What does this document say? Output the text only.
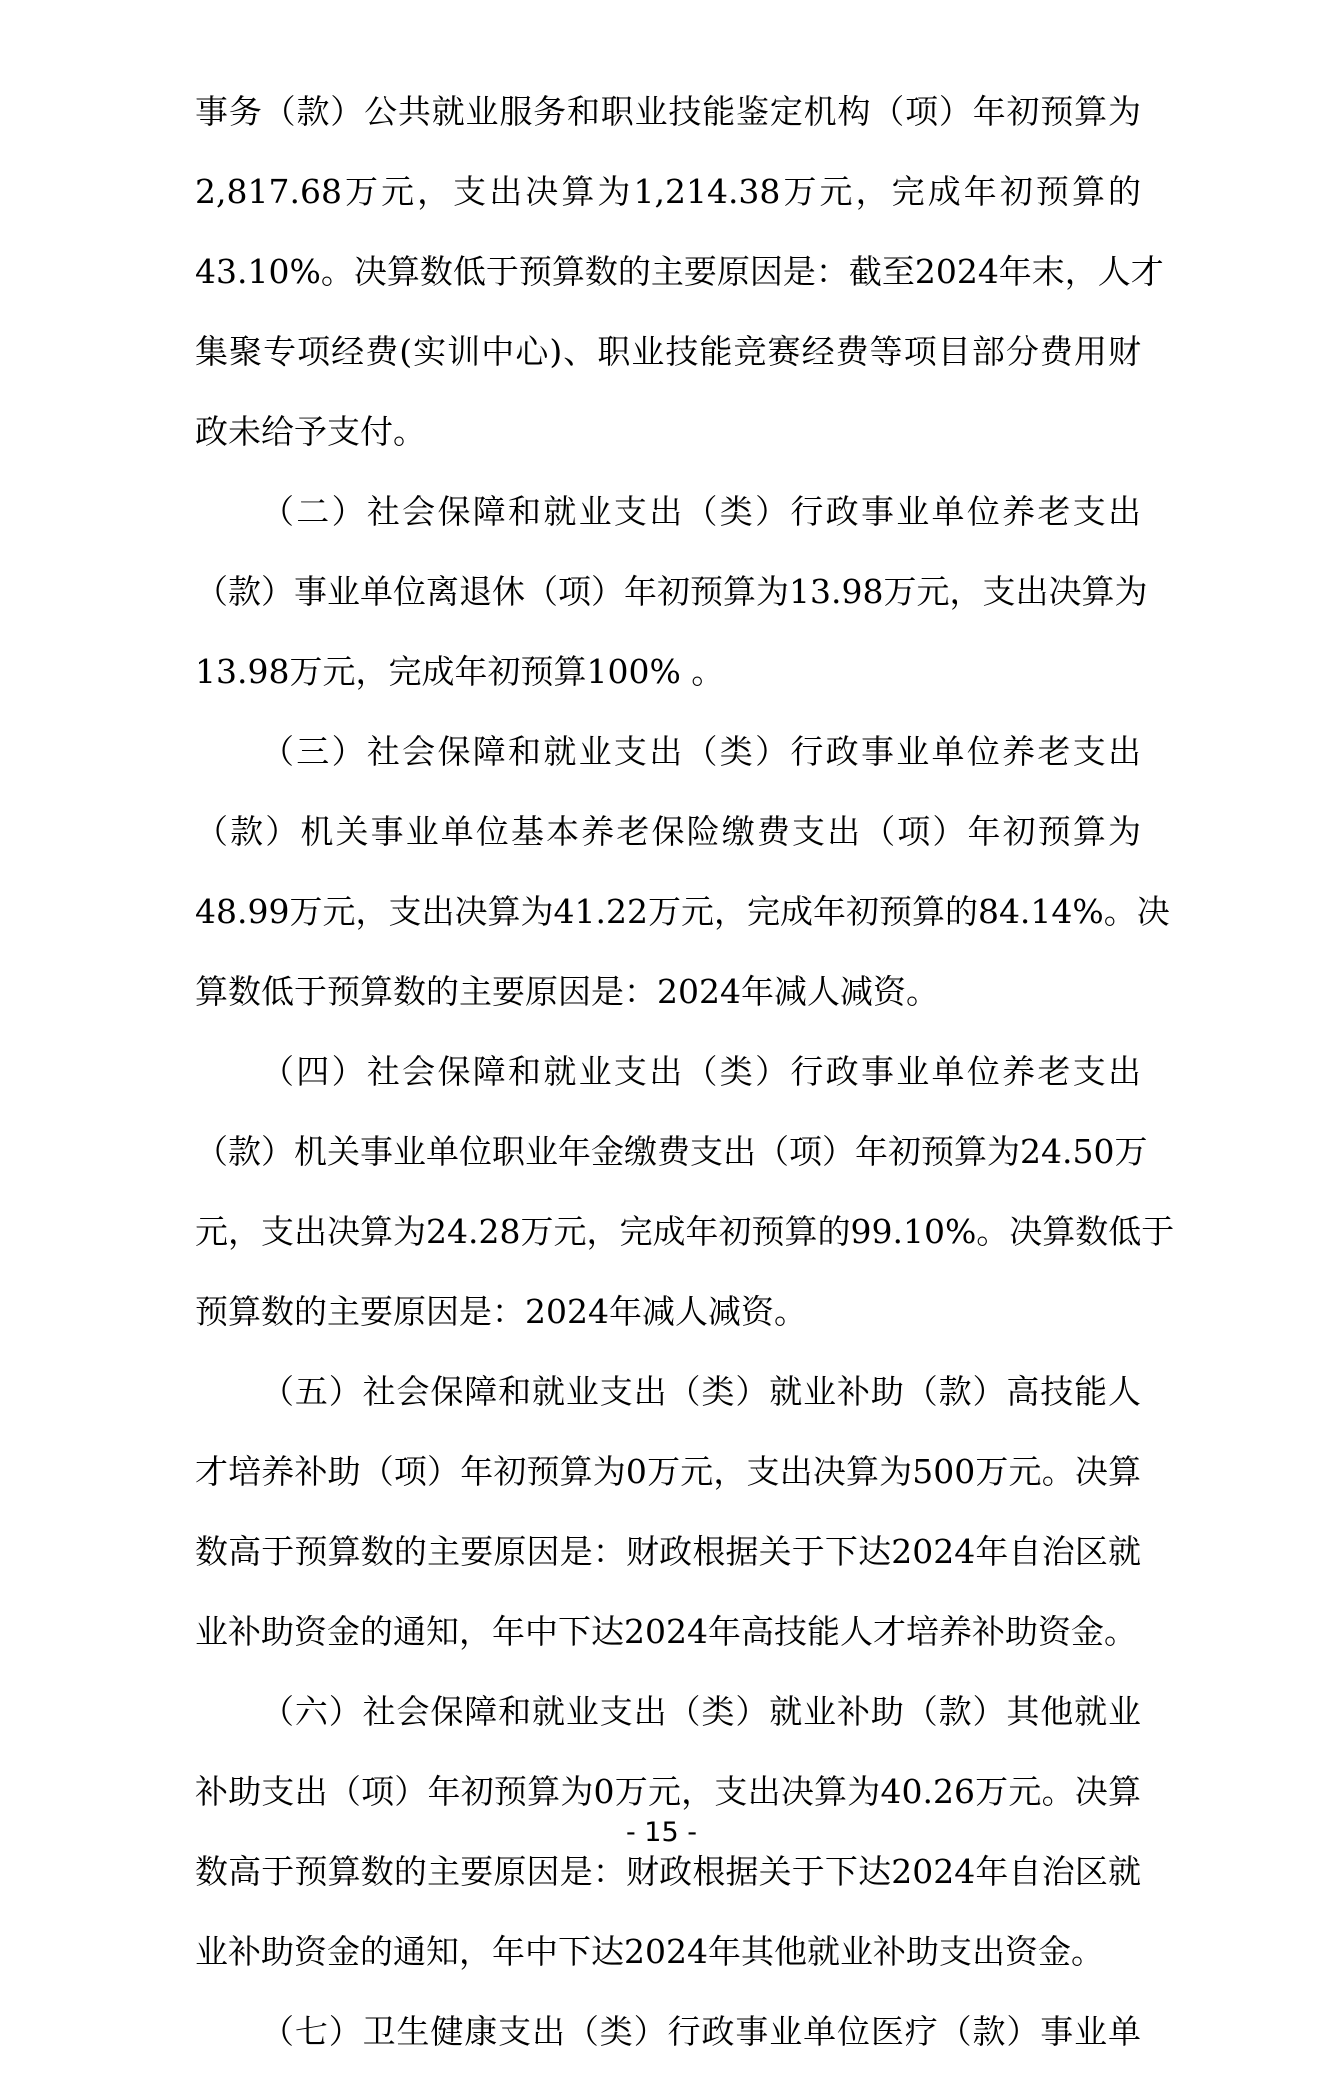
事务（款）公共就业服务和职业技能鉴定机构（项）年初预算为
2,817.68万元，支出决算为1,214.38万元，完成年初预算的
43.10%。决算数低于预算数的主要原因是：截至2024年末，人才
集聚专项经费(实训中心)、职业技能竞赛经费等项目部分费用财
政未给予支付。
（二）社会保障和就业支出（类）行政事业单位养老支出
（款）事业单位离退休（项）年初预算为13.98万元，支出决算为
13.98万元，完成年初预算100% 。
（三）社会保障和就业支出（类）行政事业单位养老支出
（款）机关事业单位基本养老保险缴费支出（项）年初预算为
48.99万元，支出决算为41.22万元，完成年初预算的84.14%。决
算数低于预算数的主要原因是：2024年减人减资。
（四）社会保障和就业支出（类）行政事业单位养老支出
（款）机关事业单位职业年金缴费支出（项）年初预算为24.50万
元，支出决算为24.28万元，完成年初预算的99.10%。决算数低于
预算数的主要原因是：2024年减人减资。
（五）社会保障和就业支出（类）就业补助（款）高技能人
才培养补助（项）年初预算为0万元，支出决算为500万元。决算
数高于预算数的主要原因是：财政根据关于下达2024年自治区就
业补助资金的通知，年中下达2024年高技能人才培养补助资金。
（六）社会保障和就业支出（类）就业补助（款）其他就业
补助支出（项）年初预算为0万元，支出决算为40.26万元。决算
数高于预算数的主要原因是：财政根据关于下达2024年自治区就
业补助资金的通知，年中下达2024年其他就业补助支出资金。
（七）卫生健康支出（类）行政事业单位医疗（款）事业单
- 15 -
